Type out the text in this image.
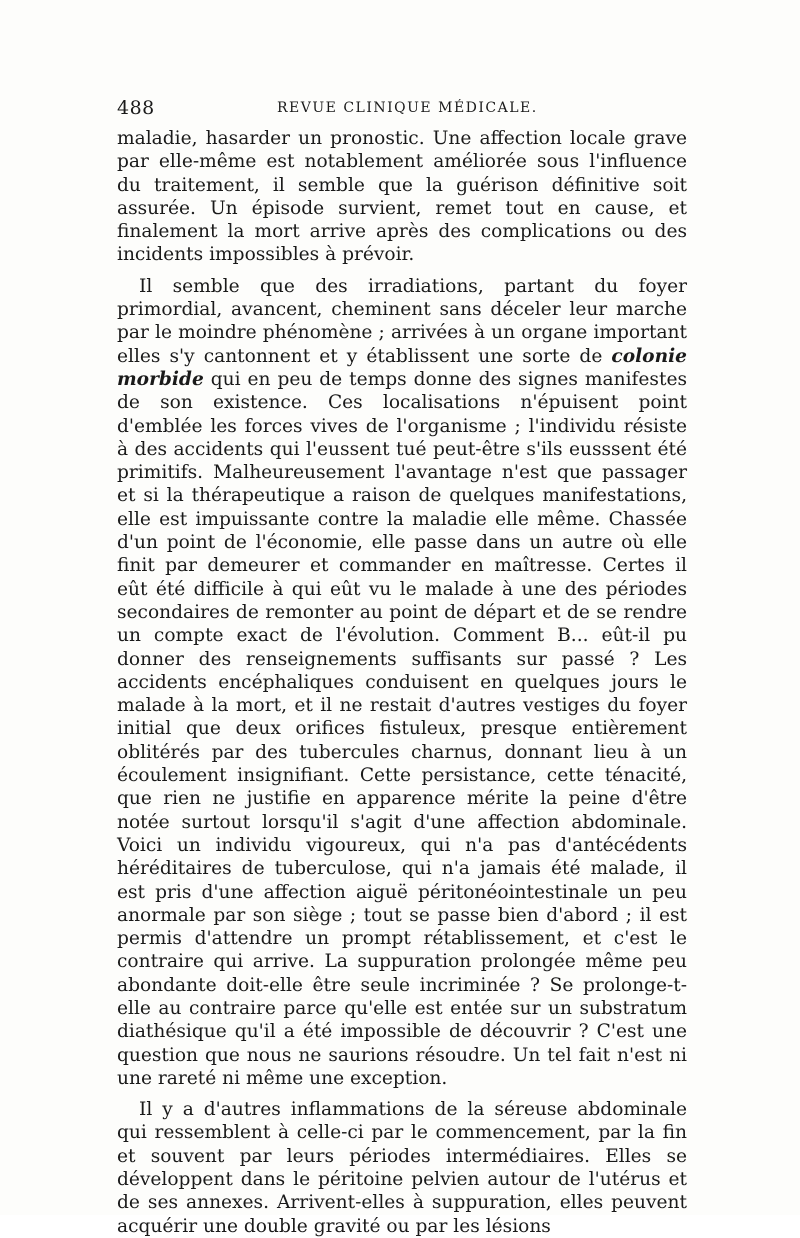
488	REVUE CLINIQUE MÉDICALE.

maladie, hasarder un pronostic. Une affection locale grave par elle-même est notablement améliorée sous l'influence du traitement, il semble que la guérison définitive soit assurée. Un épisode survient, remet tout en cause, et finalement la mort arrive après des complications ou des incidents impossibles à prévoir.

Il semble que des irradiations, partant du foyer primordial, avancent, cheminent sans déceler leur marche par le moindre phénomène ; arrivées à un organe important elles s'y cantonnent et y établissent une sorte de colonie morbide qui en peu de temps donne des signes manifestes de son existence. Ces localisations n'épuisent point d'emblée les forces vives de l'organisme ; l'individu résiste à des accidents qui l'eussent tué peut-être s'ils eusssent été primitifs. Malheureusement l'avantage n'est que passager et si la thérapeutique a raison de quelques manifestations, elle est impuissante contre la maladie elle même. Chassée d'un point de l'économie, elle passe dans un autre où elle finit par demeurer et commander en maîtresse. Certes il eût été difficile à qui eût vu le malade à une des périodes secondaires de remonter au point de départ et de se rendre un compte exact de l'évolution. Comment B... eût-il pu donner des renseignements suffisants sur passé ? Les accidents encéphaliques conduisent en quelques jours le malade à la mort, et il ne restait d'autres vestiges du foyer initial que deux orifices fistuleux, presque entièrement oblitérés par des tubercules charnus, donnant lieu à un écoulement insignifiant. Cette persistance, cette ténacité, que rien ne justifie en apparence mérite la peine d'être notée surtout lorsqu'il s'agit d'une affection abdominale. Voici un individu vigoureux, qui n'a pas d'antécédents héréditaires de tuberculose, qui n'a jamais été malade, il est pris d'une affection aiguë péritonéointestinale un peu anormale par son siège ; tout se passe bien d'abord ; il est permis d'attendre un prompt rétablissement, et c'est le contraire qui arrive. La suppuration prolongée même peu abondante doit-elle être seule incriminée ? Se prolonge-t-elle au contraire parce qu'elle est entée sur un substratum diathésique qu'il a été impossible de découvrir ? C'est une question que nous ne saurions résoudre. Un tel fait n'est ni une rareté ni même une exception.

Il y a d'autres inflammations de la séreuse abdominale qui ressemblent à celle-ci par le commencement, par la fin et souvent par leurs périodes intermédiaires. Elles se développent dans le péritoine pelvien autour de l'utérus et de ses annexes. Arrivent-elles à suppuration, elles peuvent acquérir une double gravité ou par les lésions
